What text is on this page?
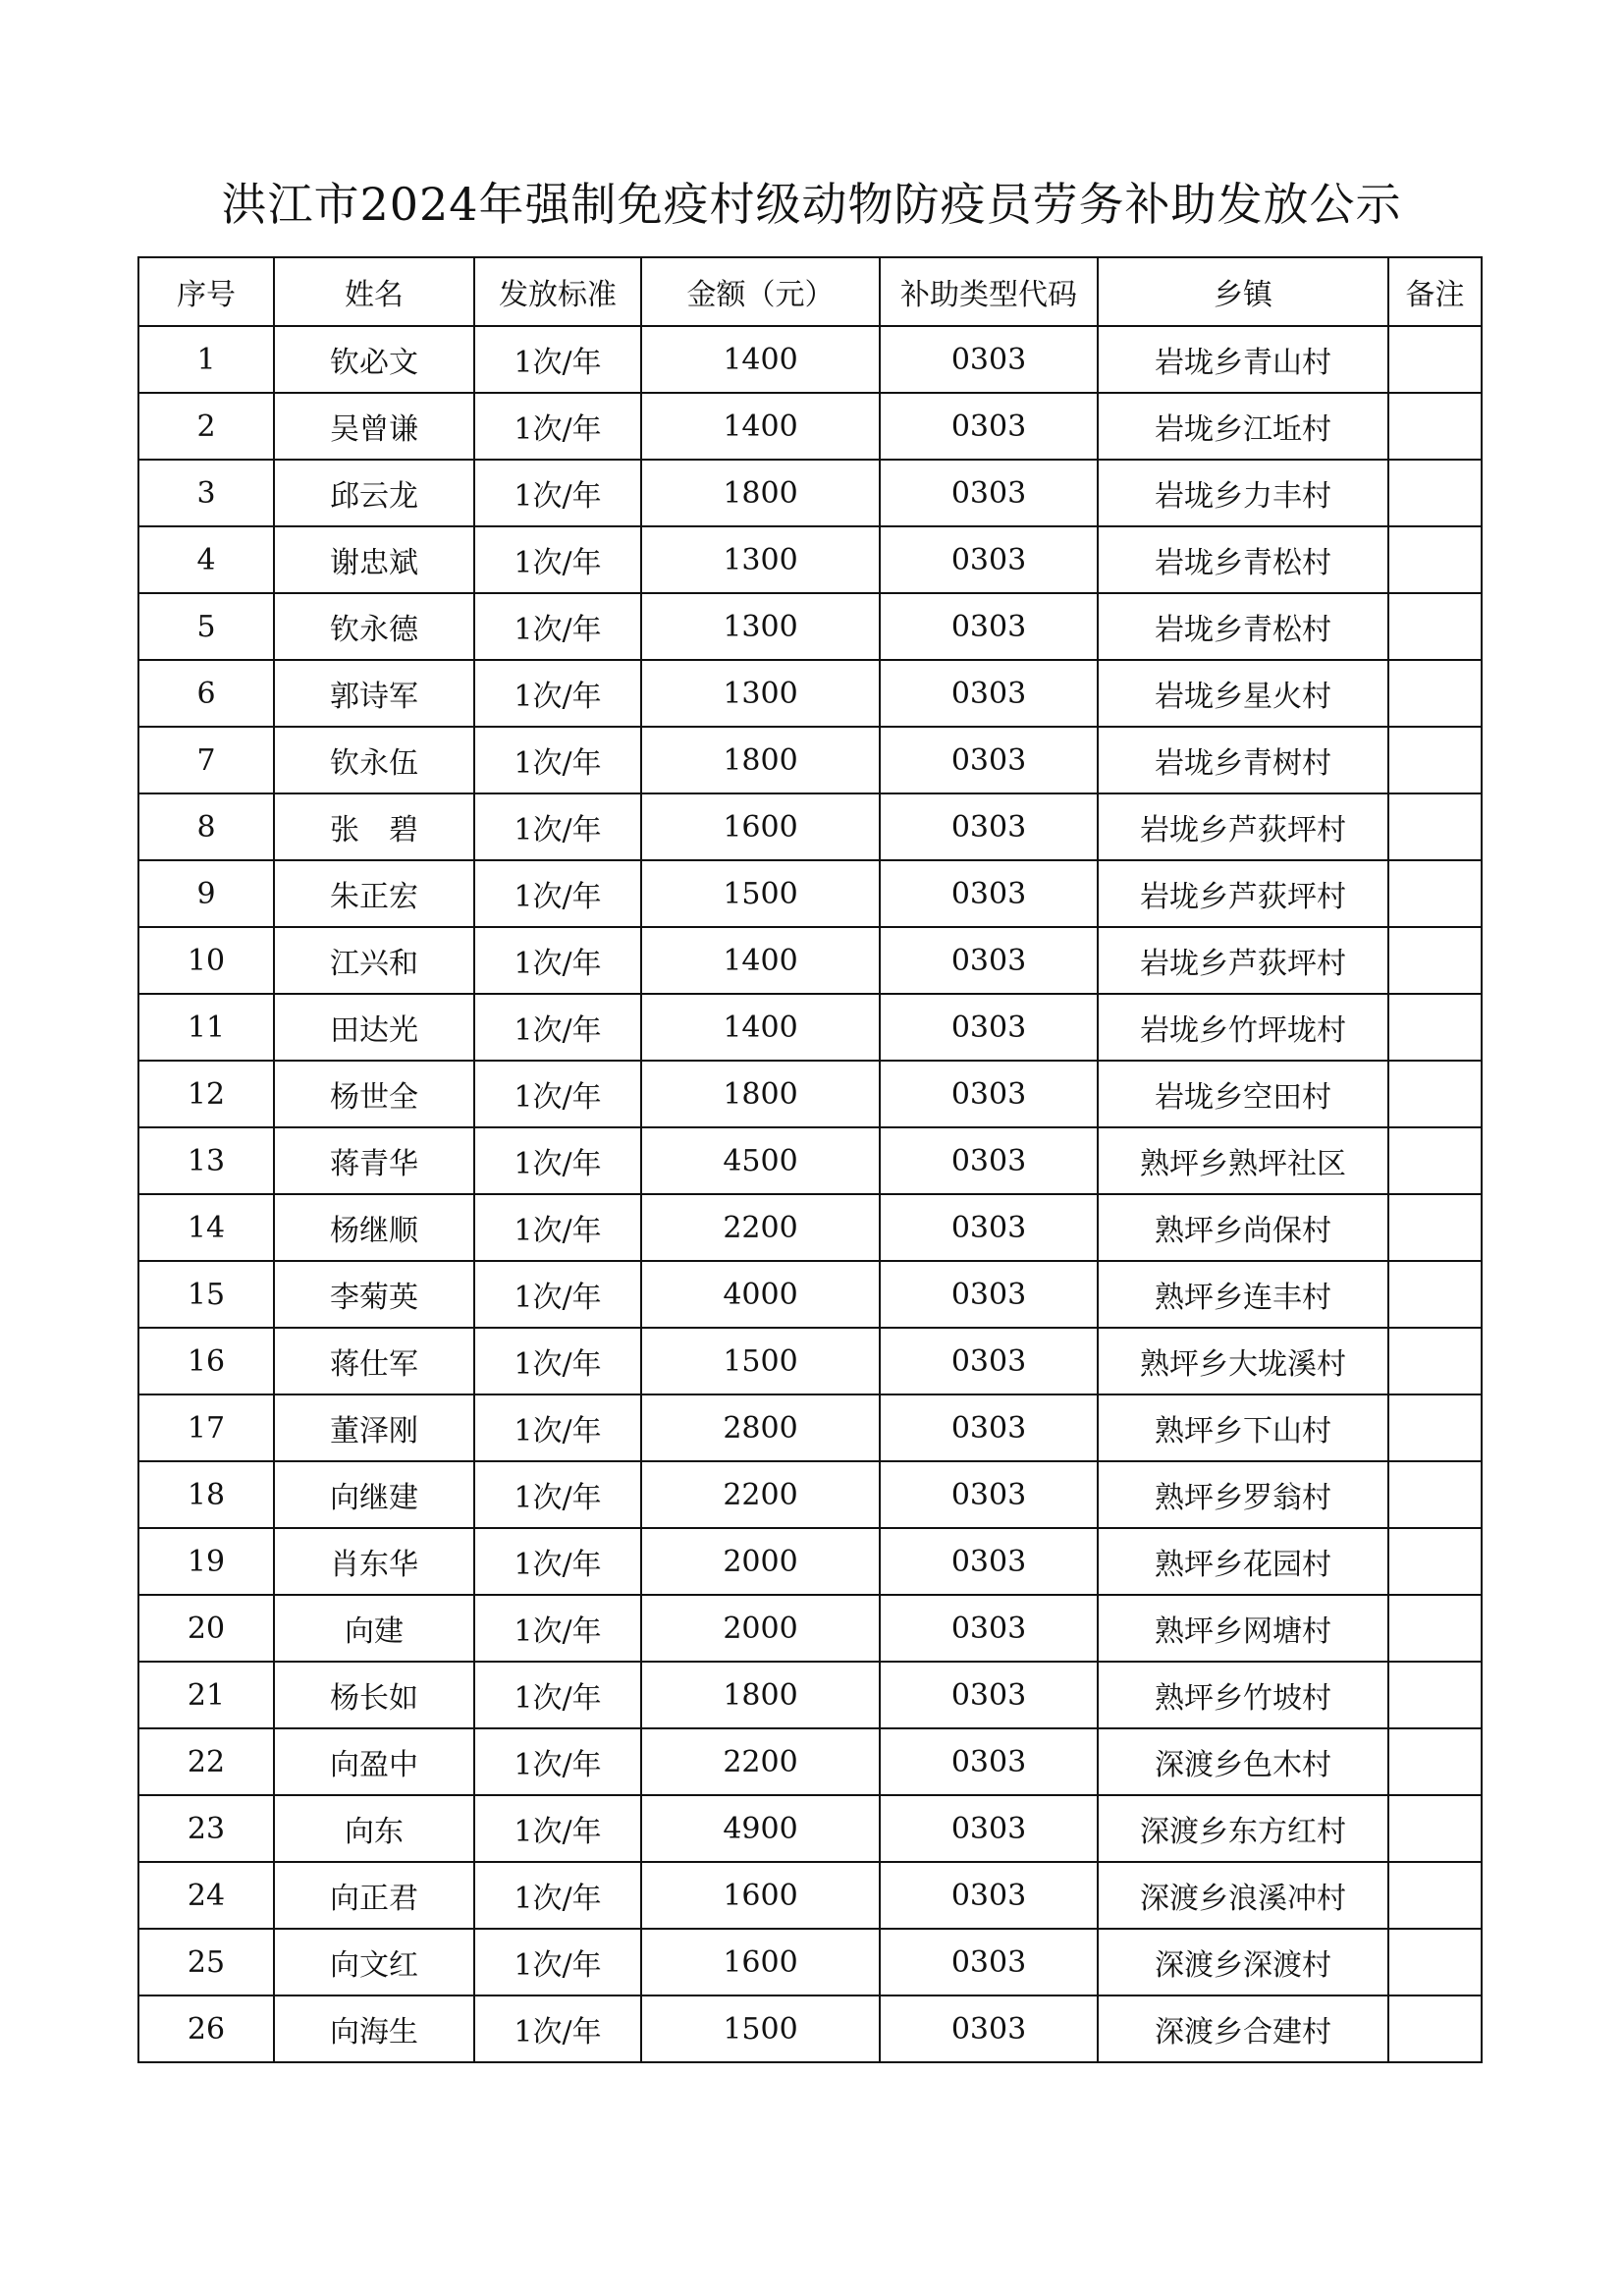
洪江市2024年强制免疫村级动物防疫员劳务补助发放公示
序号	姓名	发放标准	金额（元）	补助类型代码	乡镇	备注
1	钦必文	1次/年	1400	0303	岩垅乡青山村	
2	吴曾谦	1次/年	1400	0303	岩垅乡江坵村	
3	邱云龙	1次/年	1800	0303	岩垅乡力丰村	
4	谢忠斌	1次/年	1300	0303	岩垅乡青松村	
5	钦永德	1次/年	1300	0303	岩垅乡青松村	
6	郭诗军	1次/年	1300	0303	岩垅乡星火村	
7	钦永伍	1次/年	1800	0303	岩垅乡青树村	
8	张　碧	1次/年	1600	0303	岩垅乡芦荻坪村	
9	朱正宏	1次/年	1500	0303	岩垅乡芦荻坪村	
10	江兴和	1次/年	1400	0303	岩垅乡芦荻坪村	
11	田达光	1次/年	1400	0303	岩垅乡竹坪垅村	
12	杨世全	1次/年	1800	0303	岩垅乡空田村	
13	蒋青华	1次/年	4500	0303	熟坪乡熟坪社区	
14	杨继顺	1次/年	2200	0303	熟坪乡尚保村	
15	李菊英	1次/年	4000	0303	熟坪乡连丰村	
16	蒋仕军	1次/年	1500	0303	熟坪乡大垅溪村	
17	董泽刚	1次/年	2800	0303	熟坪乡下山村	
18	向继建	1次/年	2200	0303	熟坪乡罗翁村	
19	肖东华	1次/年	2000	0303	熟坪乡花园村	
20	向建	1次/年	2000	0303	熟坪乡网塘村	
21	杨长如	1次/年	1800	0303	熟坪乡竹坡村	
22	向盈中	1次/年	2200	0303	深渡乡色木村	
23	向东	1次/年	4900	0303	深渡乡东方红村	
24	向正君	1次/年	1600	0303	深渡乡浪溪冲村	
25	向文红	1次/年	1600	0303	深渡乡深渡村	
26	向海生	1次/年	1500	0303	深渡乡合建村	
